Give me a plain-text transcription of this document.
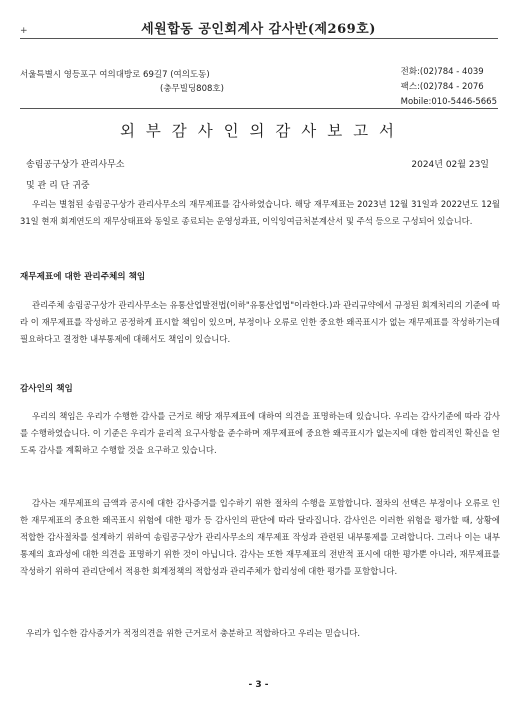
+	세원합동 공인회계사 감사반(제269호)
서울특별시 영등포구 여의대방로 69길7 (여의도동)
(충무빌딩808호)
전화:(02)784 - 4039
팩스:(02)784 - 2076
Mobile:010-5446-5665
외 부 감 사 인 의 감 사 보 고 서
송림공구상가 관리사무소	2024년 02월 23일
및 관 리 단 귀중

우리는 별첨된 송림공구상가 관리사무소의 재무제표를 감사하였습니다. 해당 재무제표는 2023년 12월 31일과 2022년도 12월 31일 현재 회계연도의 재무상태표와 동일로 종료되는 운영성과표, 이익잉여금처분계산서 및 주석 등으로 구성되어 있습니다.

재무제표에 대한 관리주체의 책임

관리주체 송림공구상가 관리사무소는 유통산업발전법(이하"유통산업법"이라한다.)과 관리규약에서 규정된 회계처리의 기준에 따라 이 재무제표를 작성하고 공정하게 표시할 책임이 있으며, 부정이나 오류로 인한 중요한 왜곡표시가 없는 재무제표를 작성하기는데 필요하다고 결정한 내부통제에 대해서도 책임이 있습니다.

감사인의 책임

우리의 책임은 우리가 수행한 감사를 근거로 해당 재무제표에 대하여 의견을 표명하는데 있습니다. 우리는 감사기준에 따라 감사를 수행하였습니다. 이 기준은 우리가 윤리적 요구사항을 준수하며 재무제표에 중요한 왜곡표시가 없는지에 대한 합리적인 확신을 얻도록 감사를 계획하고 수행할 것을 요구하고 있습니다.

감사는 재무제표의 금액과 공시에 대한 감사증거를 입수하기 위한 절차의 수행을 포함합니다. 절차의 선택은 부정이나 오류로 인한 재무제표의 중요한 왜곡표시 위험에 대한 평가 등 감사인의 판단에 따라 달라집니다. 감사인은 이러한 위험을 평가할 때, 상황에 적합한 감사절차를 설계하기 위하여 송림공구상가 관리사무소의 재무제표 작성과 관련된 내부통제를 고려합니다. 그러나 이는 내부통제의 효과성에 대한 의견을 표명하기 위한 것이 아닙니다. 감사는 또한 재무제표의 전반적 표시에 대한 평가뿐 아니라, 재무제표를 작성하기 위하여 관리단에서 적용한 회계정책의 적합성과 관리주체가 합리성에 대한 평가를 포함합니다.

우리가 입수한 감사증거가 적정의견을 위한 근거로서 충분하고 적합하다고 우리는 믿습니다.

- 3 -
